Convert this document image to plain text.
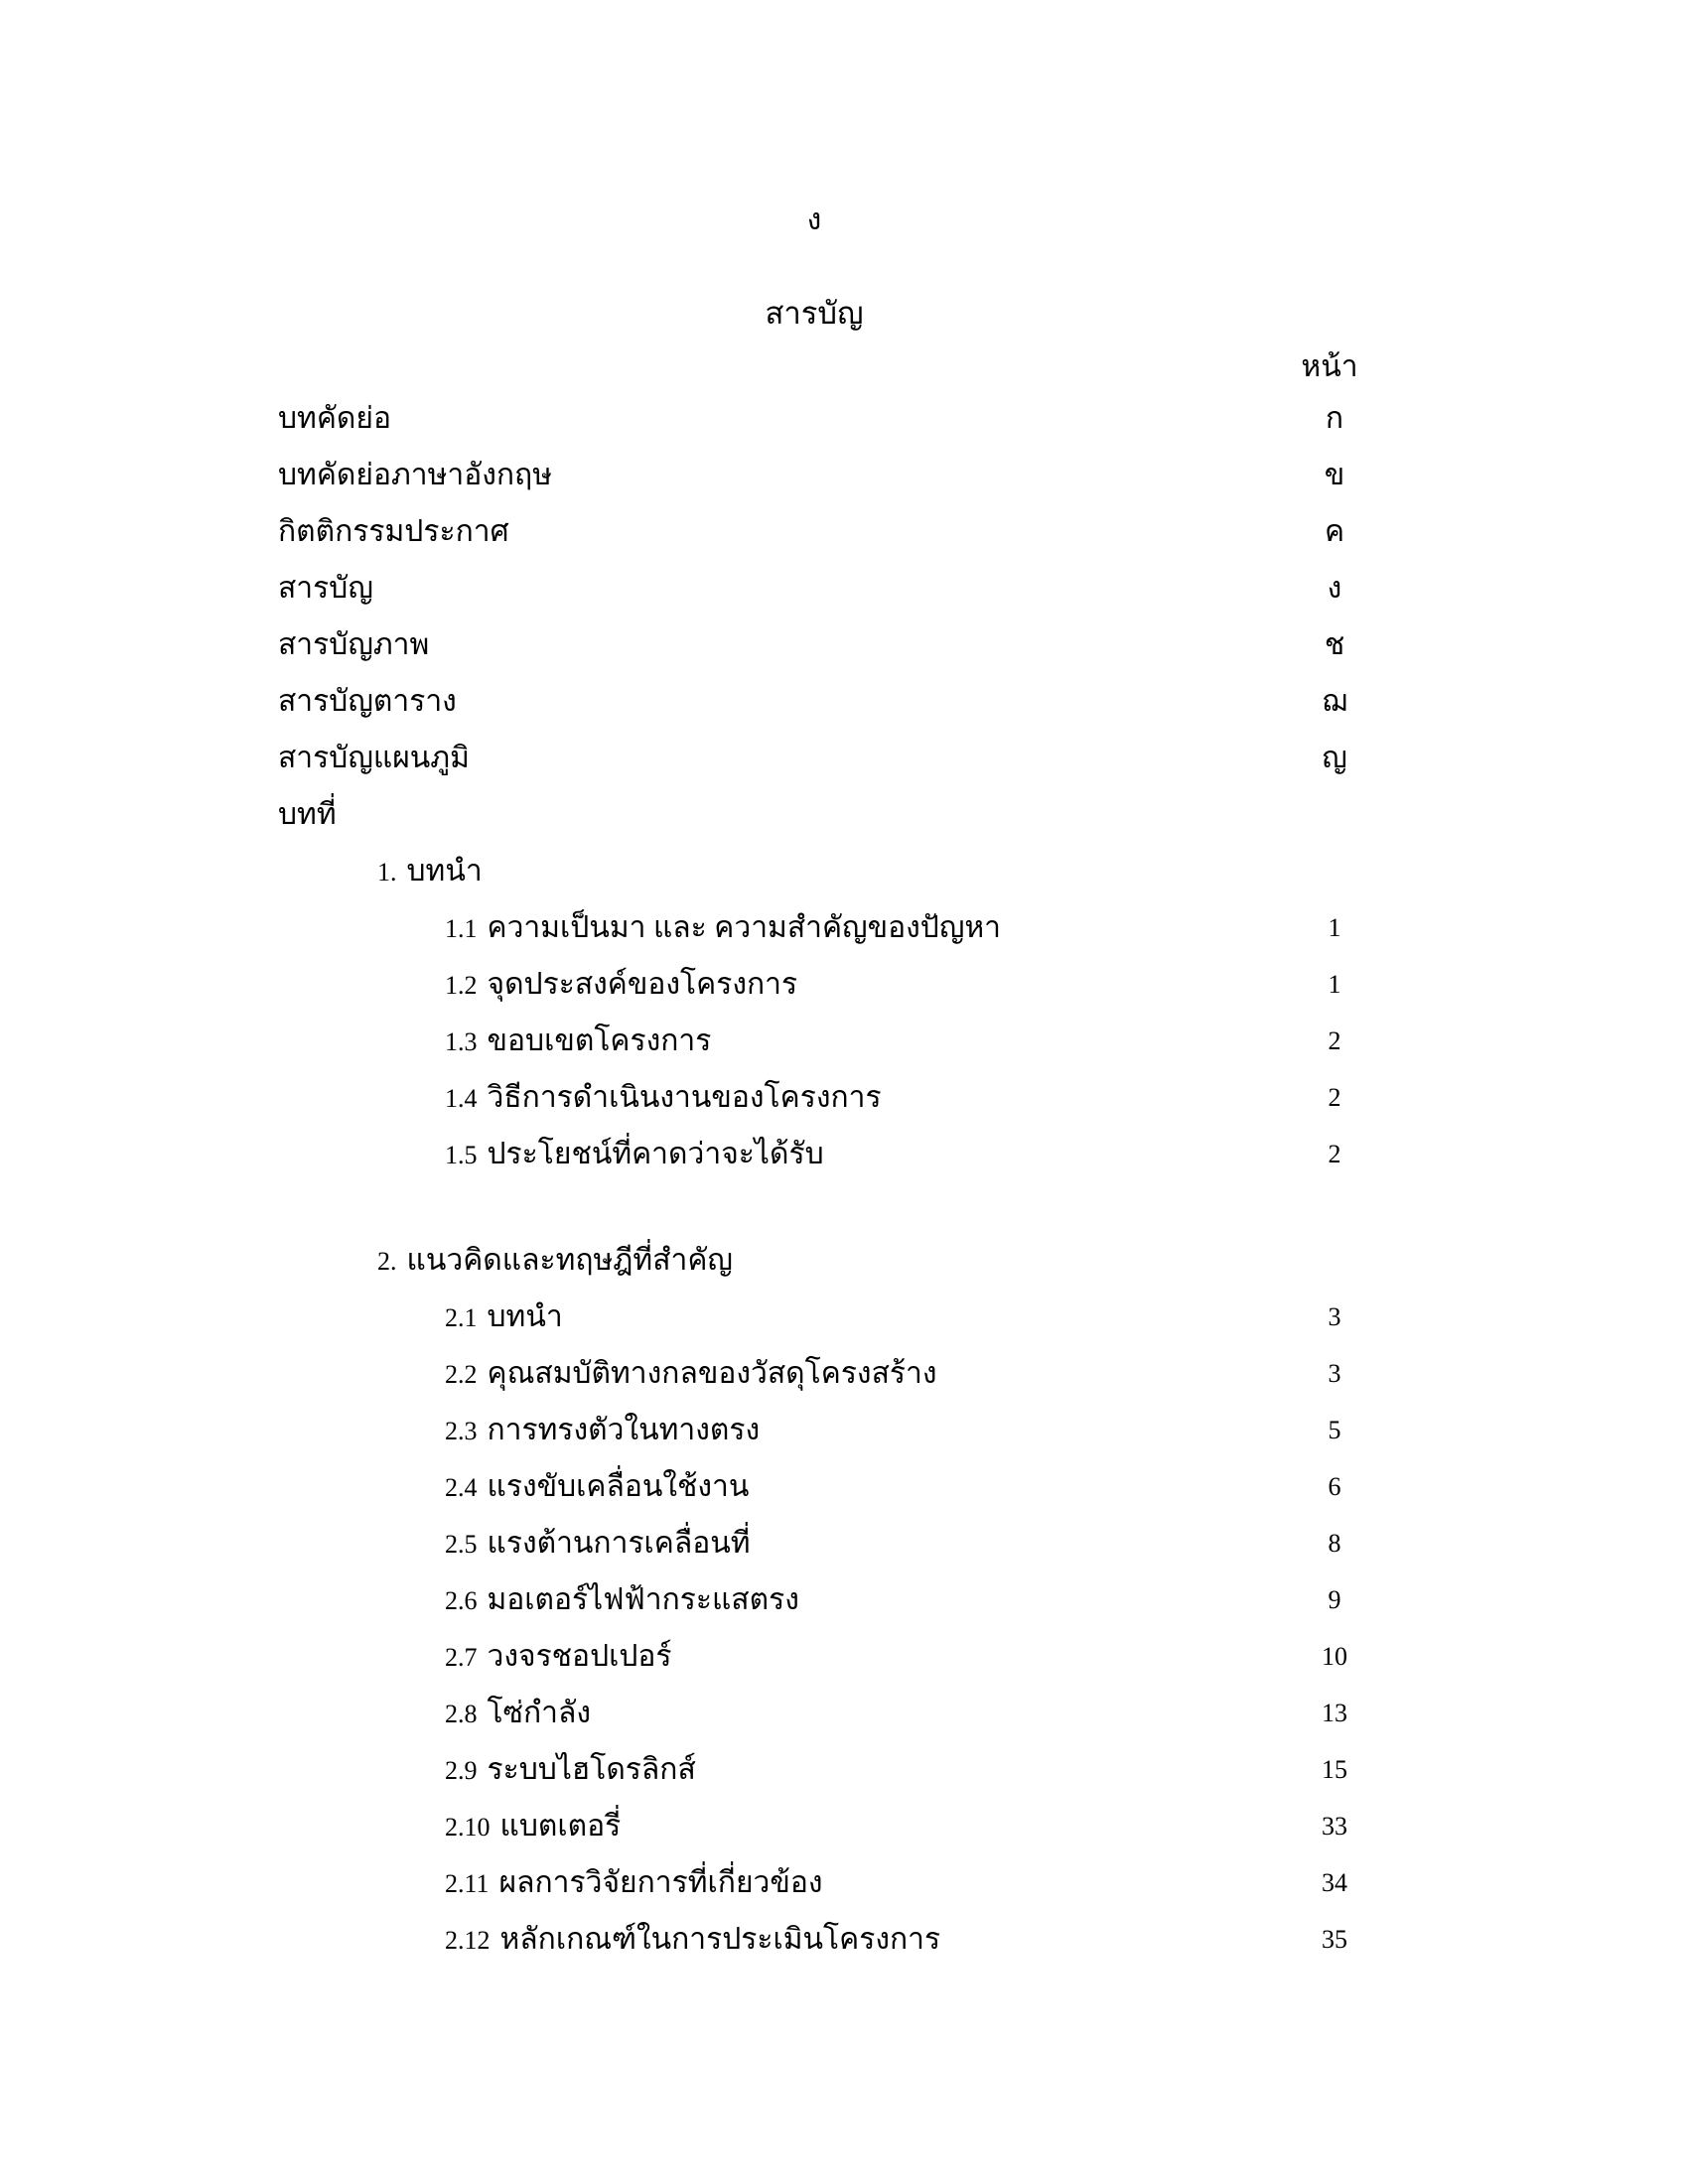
ง
สารบัญ
หน้า
บทคัดย่อ	ก
บทคัดย่อภาษาอังกฤษ	ข
กิตติกรรมประกาศ	ค
สารบัญ	ง
สารบัญภาพ	ช
สารบัญตาราง	ฌ
สารบัญแผนภูมิ	ญ
บทที่
1. บทนำ
1.1 ความเป็นมา และ ความสำคัญของปัญหา	1
1.2 จุดประสงค์ของโครงการ	1
1.3 ขอบเขตโครงการ	2
1.4 วิธีการดำเนินงานของโครงการ	2
1.5 ประโยชน์ที่คาดว่าจะได้รับ	2
2. แนวคิดและทฤษฎีที่สำคัญ
2.1 บทนำ	3
2.2 คุณสมบัติทางกลของวัสดุโครงสร้าง	3
2.3 การทรงตัวในทางตรง	5
2.4 แรงขับเคลื่อนใช้งาน	6
2.5 แรงต้านการเคลื่อนที่	8
2.6 มอเตอร์ไฟฟ้ากระแสตรง	9
2.7 วงจรชอปเปอร์	10
2.8 โซ่กำลัง	13
2.9 ระบบไฮโดรลิกส์	15
2.10 แบตเตอรี่	33
2.11 ผลการวิจัยการที่เกี่ยวข้อง	34
2.12 หลักเกณฑ์ในการประเมินโครงการ	35
